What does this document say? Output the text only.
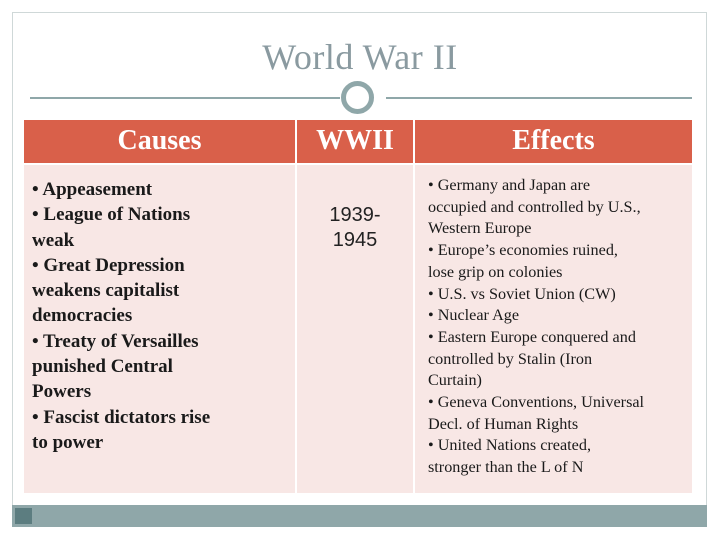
World War II
Causes	WWII	Effects
• Appeasement
• League of Nations
weak
• Great Depression
weakens capitalist
democracies
• Treaty of Versailles
punished Central
Powers
• Fascist dictators rise
to power
1939-
1945
• Germany and Japan are
occupied and controlled by U.S.,
Western Europe
• Europe’s economies ruined,
lose grip on colonies
• U.S. vs Soviet Union (CW)
• Nuclear Age
• Eastern Europe conquered and
controlled by Stalin (Iron
Curtain)
• Geneva Conventions, Universal
Decl. of Human Rights
• United Nations created,
stronger than the L of N
